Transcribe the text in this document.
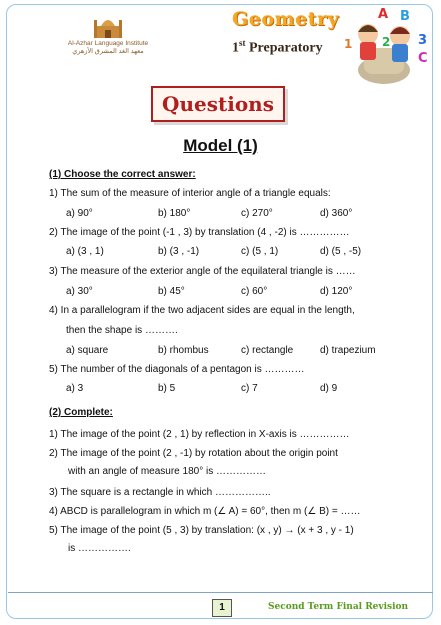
Al-Azhar Language Institute
معهد الغد المشرق الأزهري
Geometry
1st Preparatory
A B
1 2 3
C
Questions
Model (1)
(1) Choose the correct answer:
1) The sum of the measure of interior angle of a triangle equals:
a) 90°	b) 180°	c) 270°	d) 360°
2) The image of the point (-1 , 3) by translation (4 , -2) is ……………
a) (3 , 1)	b) (3 , -1)	c) (5 , 1)	d) (5 , -5)
3) The measure of the exterior angle of the equilateral triangle is ……
a) 30°	b) 45°	c) 60°	d) 120°
4) In a parallelogram if the two adjacent sides are equal in the length,
then the shape is ……….
a) square	b) rhombus	c) rectangle	d) trapezium
5) The number of the diagonals of a pentagon is …………
a) 3	b) 5	c) 7	d) 9
(2) Complete:
1) The image of the point (2 , 1) by reflection in X-axis is ……………
2) The image of the point (2 , -1) by rotation about the origin point
with an angle of measure 180° is ……………
3) The square is a rectangle in which ……………..
4) ABCD is parallelogram in which m (∠ A) = 60°, then m (∠ B) = ……
5) The image of the point (5 , 3) by translation: (x , y) → (x + 3 , y - 1)
is …………….
1	Second Term Final Revision
